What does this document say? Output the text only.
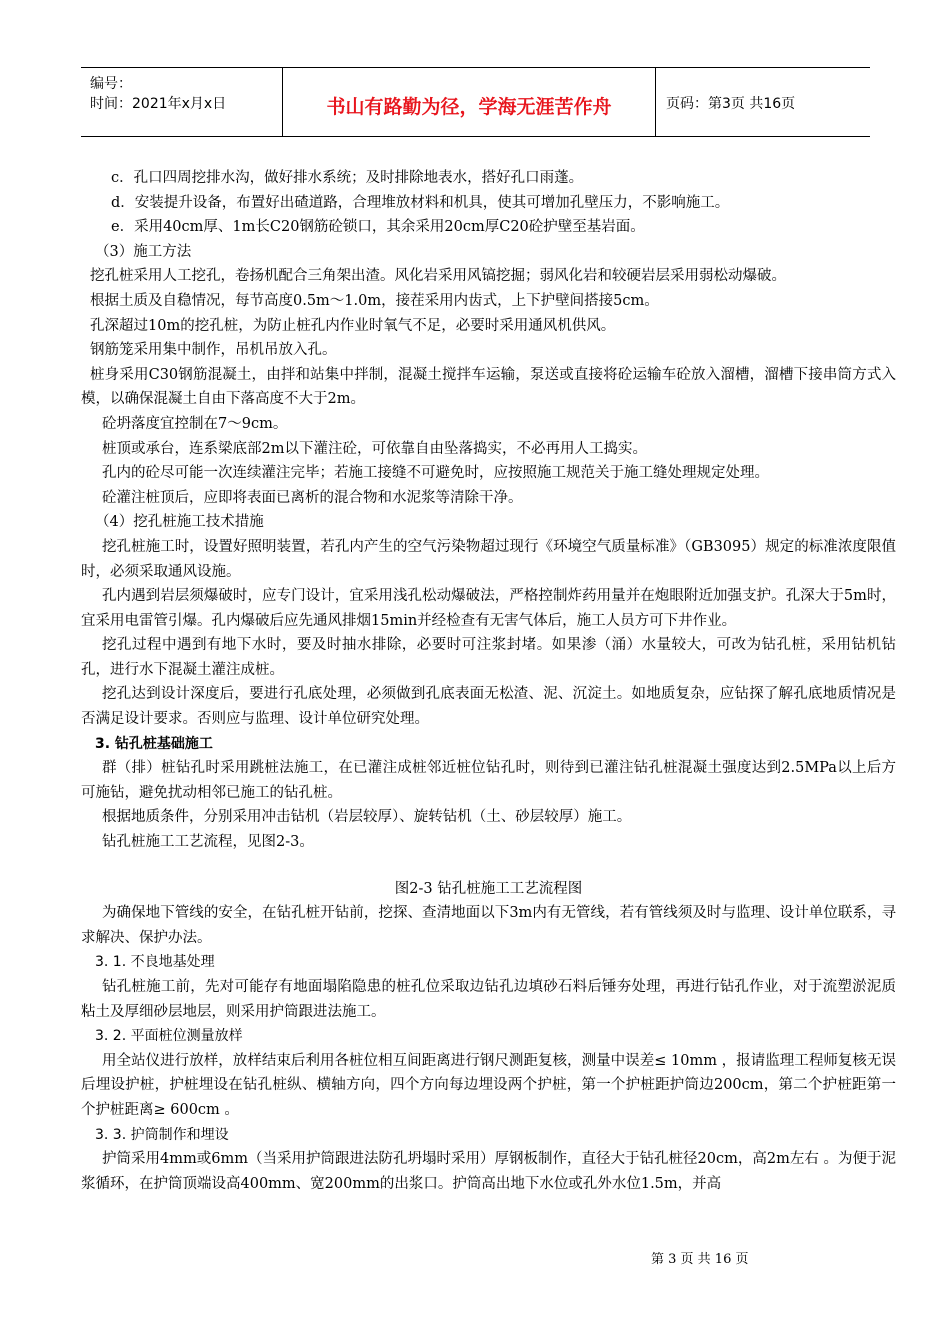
编号：
时间：2021年x月x日	书山有路勤为径，学海无涯苦作舟	页码：第3页 共16页

c．孔口四周挖排水沟，做好排水系统；及时排除地表水，搭好孔口雨蓬。

d．安装提升设备，布置好出碴道路，合理堆放材料和机具，使其可增加孔壁压力，不影响施工。

e．采用40cm厚、1m长C20钢筋砼锁口，其余采用20cm厚C20砼护壁至基岩面。

（3）施工方法

挖孔桩采用人工挖孔，卷扬机配合三角架出渣。风化岩采用风镐挖掘；弱风化岩和较硬岩层采用弱松动爆破。

根据土质及自稳情况，每节高度0.5m～1.0m，接茬采用内齿式，上下护壁间搭接5cm。

孔深超过10m的挖孔桩，为防止桩孔内作业时氧气不足，必要时采用通风机供风。

钢筋笼采用集中制作，吊机吊放入孔。

桩身采用C30钢筋混凝土，由拌和站集中拌制，混凝土搅拌车运输，泵送或直接将砼运输车砼放入溜槽，溜槽下接串筒方式入模，以确保混凝土自由下落高度不大于2m。

砼坍落度宜控制在7～9cm。

桩顶或承台，连系梁底部2m以下灌注砼，可依靠自由坠落捣实，不必再用人工捣实。

孔内的砼尽可能一次连续灌注完毕；若施工接缝不可避免时，应按照施工规范关于施工缝处理规定处理。

砼灌注桩顶后，应即将表面已离析的混合物和水泥浆等清除干净。

（4）挖孔桩施工技术措施

挖孔桩施工时，设置好照明装置，若孔内产生的空气污染物超过现行《环境空气质量标准》（GB3095）规定的标准浓度限值时，必须采取通风设施。

孔内遇到岩层须爆破时，应专门设计，宜采用浅孔松动爆破法，严格控制炸药用量并在炮眼附近加强支护。孔深大于5m时，宜采用电雷管引爆。孔内爆破后应先通风排烟15min并经检查有无害气体后，施工人员方可下井作业。

挖孔过程中遇到有地下水时，要及时抽水排除，必要时可注浆封堵。如果渗（涌）水量较大，可改为钻孔桩，采用钻机钻孔，进行水下混凝土灌注成桩。

挖孔达到设计深度后，要进行孔底处理，必须做到孔底表面无松渣、泥、沉淀土。如地质复杂，应钻探了解孔底地质情况是否满足设计要求。否则应与监理、设计单位研究处理。

3. 钻孔桩基础施工

群（排）桩钻孔时采用跳桩法施工，在已灌注成桩邻近桩位钻孔时，则待到已灌注钻孔桩混凝土强度达到2.5MPa以上后方可施钻，避免扰动相邻已施工的钻孔桩。

根据地质条件，分别采用冲击钻机（岩层较厚）、旋转钻机（土、砂层较厚）施工。

钻孔桩施工工艺流程，见图2-3。

图2-3 钻孔桩施工工艺流程图

为确保地下管线的安全，在钻孔桩开钻前，挖探、查清地面以下3m内有无管线，若有管线须及时与监理、设计单位联系，寻求解决、保护办法。

3. 1. 不良地基处理

钻孔桩施工前，先对可能存有地面塌陷隐患的桩孔位采取边钻孔边填砂石料后锤夯处理，再进行钻孔作业，对于流塑淤泥质粘土及厚细砂层地层，则采用护筒跟进法施工。

3. 2. 平面桩位测量放样

用全站仪进行放样，放样结束后利用各桩位相互间距离进行钢尺测距复核，测量中误差≤ 10mm ，报请监理工程师复核无误后埋设护桩，护桩埋设在钻孔桩纵、横轴方向，四个方向每边埋设两个护桩，第一个护桩距护筒边200cm，第二个护桩距第一个护桩距离≥ 600cm 。

3. 3. 护筒制作和埋设

护筒采用4mm或6mm（当采用护筒跟进法防孔坍塌时采用）厚钢板制作，直径大于钻孔桩径20cm，高2m左右 。为便于泥浆循环，在护筒顶端设高400mm、宽200mm的出浆口。护筒高出地下水位或孔外水位1.5m，并高

第 3 页 共 16 页
